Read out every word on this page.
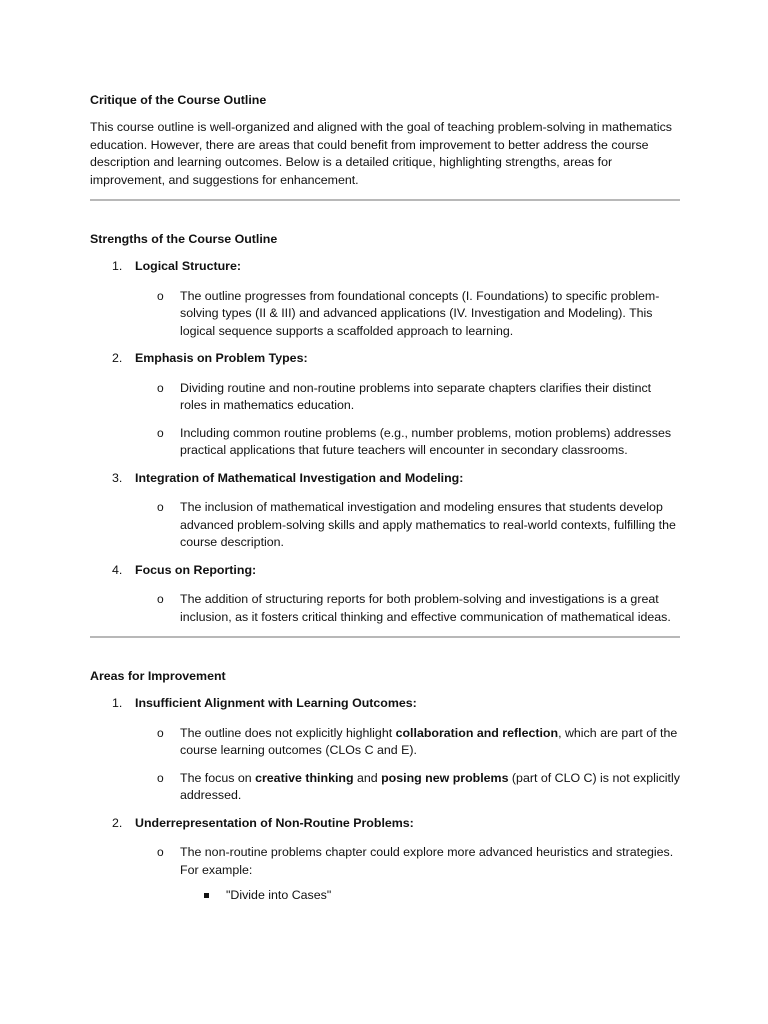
Critique of the Course Outline

This course outline is well-organized and aligned with the goal of teaching problem-solving in mathematics education. However, there are areas that could benefit from improvement to better address the course description and learning outcomes. Below is a detailed critique, highlighting strengths, areas for improvement, and suggestions for enhancement.

Strengths of the Course Outline

1. Logical Structure:
o The outline progresses from foundational concepts (I. Foundations) to specific problem-solving types (II & III) and advanced applications (IV. Investigation and Modeling). This logical sequence supports a scaffolded approach to learning.
2. Emphasis on Problem Types:
o Dividing routine and non-routine problems into separate chapters clarifies their distinct roles in mathematics education.
o Including common routine problems (e.g., number problems, motion problems) addresses practical applications that future teachers will encounter in secondary classrooms.
3. Integration of Mathematical Investigation and Modeling:
o The inclusion of mathematical investigation and modeling ensures that students develop advanced problem-solving skills and apply mathematics to real-world contexts, fulfilling the course description.
4. Focus on Reporting:
o The addition of structuring reports for both problem-solving and investigations is a great inclusion, as it fosters critical thinking and effective communication of mathematical ideas.

Areas for Improvement

1. Insufficient Alignment with Learning Outcomes:
o The outline does not explicitly highlight collaboration and reflection, which are part of the course learning outcomes (CLOs C and E).
o The focus on creative thinking and posing new problems (part of CLO C) is not explicitly addressed.
2. Underrepresentation of Non-Routine Problems:
o The non-routine problems chapter could explore more advanced heuristics and strategies. For example:
"Divide into Cases"
